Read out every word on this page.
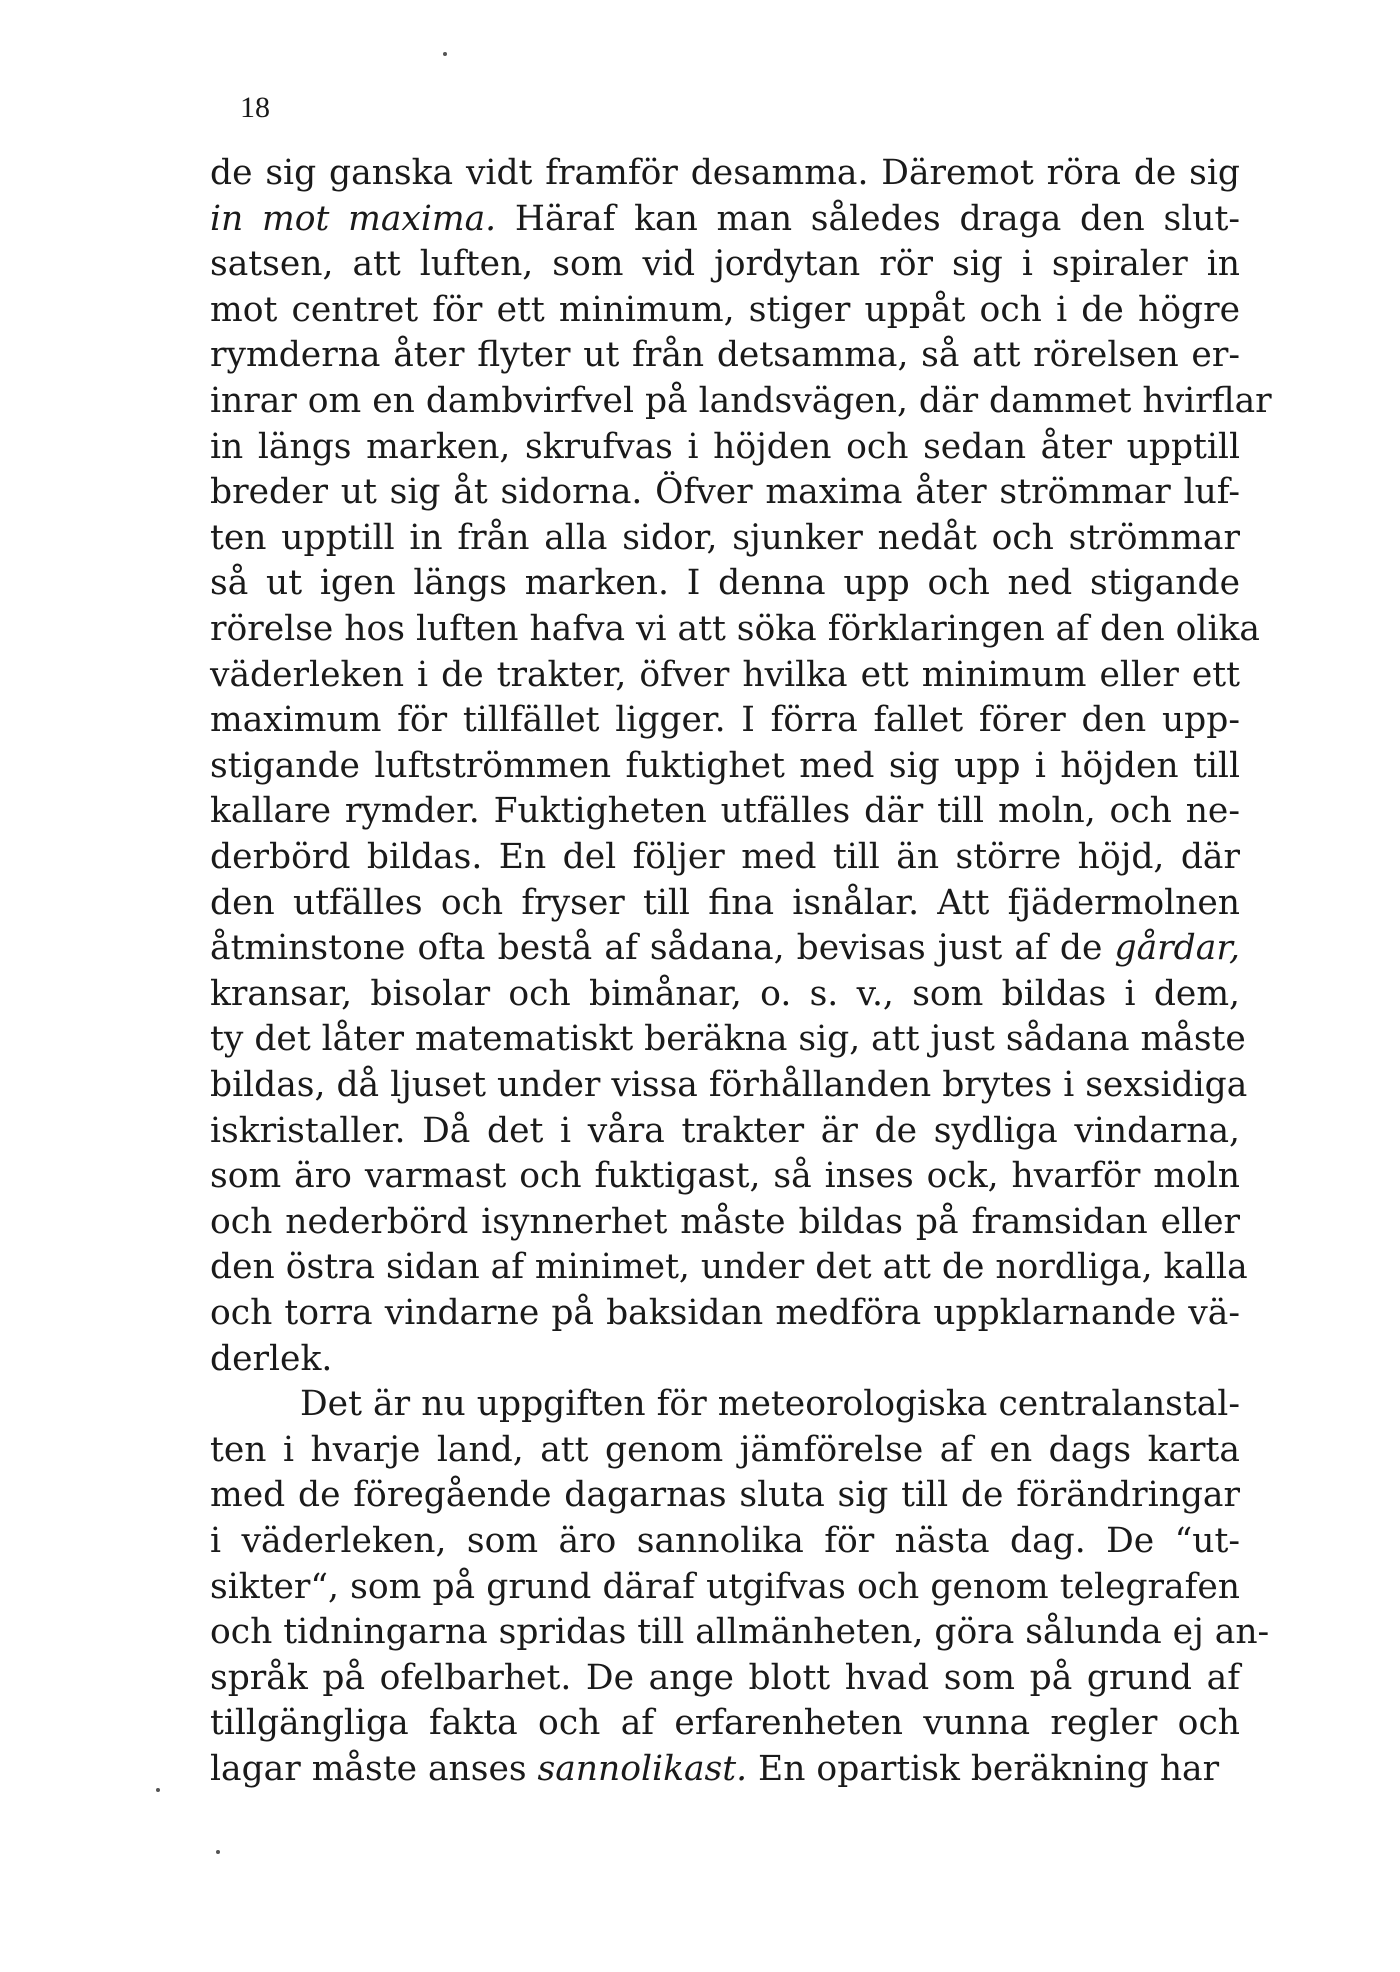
18
de sig ganska vidt framför desamma. Däremot röra de sig
in mot maxima. Häraf kan man således draga den slut-
satsen, att luften, som vid jordytan rör sig i spiraler in
mot centret för ett minimum, stiger uppåt och i de högre
rymderna åter flyter ut från detsamma, så att rörelsen er-
inrar om en dambvirfvel på landsvägen, där dammet hvirflar
in längs marken, skrufvas i höjden och sedan åter upptill
breder ut sig åt sidorna. Öfver maxima åter strömmar luf-
ten upptill in från alla sidor, sjunker nedåt och strömmar
så ut igen längs marken. I denna upp och ned stigande
rörelse hos luften hafva vi att söka förklaringen af den olika
väderleken i de trakter, öfver hvilka ett minimum eller ett
maximum för tillfället ligger. I förra fallet förer den upp-
stigande luftströmmen fuktighet med sig upp i höjden till
kallare rymder. Fuktigheten utfälles där till moln, och ne-
derbörd bildas. En del följer med till än större höjd, där
den utfälles och fryser till fina isnålar. Att fjädermolnen
åtminstone ofta bestå af sådana, bevisas just af de gårdar,
kransar, bisolar och bimånar, o. s. v., som bildas i dem,
ty det låter matematiskt beräkna sig, att just sådana måste
bildas, då ljuset under vissa förhållanden brytes i sexsidiga
iskristaller. Då det i våra trakter är de sydliga vindarna,
som äro varmast och fuktigast, så inses ock, hvarför moln
och nederbörd isynnerhet måste bildas på framsidan eller
den östra sidan af minimet, under det att de nordliga, kalla
och torra vindarne på baksidan medföra uppklarnande vä-
derlek.
Det är nu uppgiften för meteorologiska centralanstal-
ten i hvarje land, att genom jämförelse af en dags karta
med de föregående dagarnas sluta sig till de förändringar
i väderleken, som äro sannolika för nästa dag. De “ut-
sikter“, som på grund däraf utgifvas och genom telegrafen
och tidningarna spridas till allmänheten, göra sålunda ej an-
språk på ofelbarhet. De ange blott hvad som på grund af
tillgängliga fakta och af erfarenheten vunna regler och
lagar måste anses sannolikast. En opartisk beräkning har
